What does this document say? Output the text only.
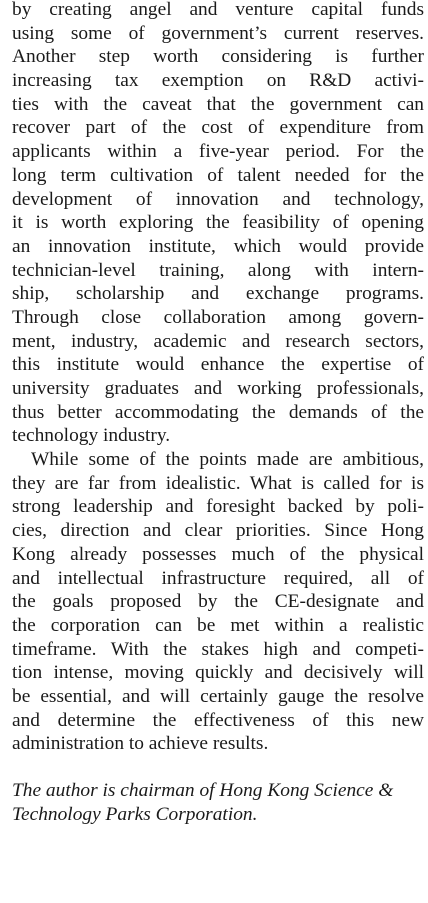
by creating angel and venture capital funds
using some of government’s current reserves.
Another step worth considering is further
increasing tax exemption on R&D activi-
ties with the caveat that the government can
recover part of the cost of expenditure from
applicants within a five-year period. For the
long term cultivation of talent needed for the
development of innovation and technology,
it is worth exploring the feasibility of opening
an innovation institute, which would provide
technician-level training, along with intern-
ship, scholarship and exchange programs.
Through close collaboration among govern-
ment, industry, academic and research sectors,
this institute would enhance the expertise of
university graduates and working professionals,
thus better accommodating the demands of the
technology industry.
While some of the points made are ambitious,
they are far from idealistic. What is called for is
strong leadership and foresight backed by poli-
cies, direction and clear priorities. Since Hong
Kong already possesses much of the physical
and intellectual infrastructure required, all of
the goals proposed by the CE-designate and
the corporation can be met within a realistic
timeframe. With the stakes high and competi-
tion intense, moving quickly and decisively will
be essential, and will certainly gauge the resolve
and determine the effectiveness of this new
administration to achieve results.
The author is chairman of Hong Kong Science &
Technology Parks Corporation.
